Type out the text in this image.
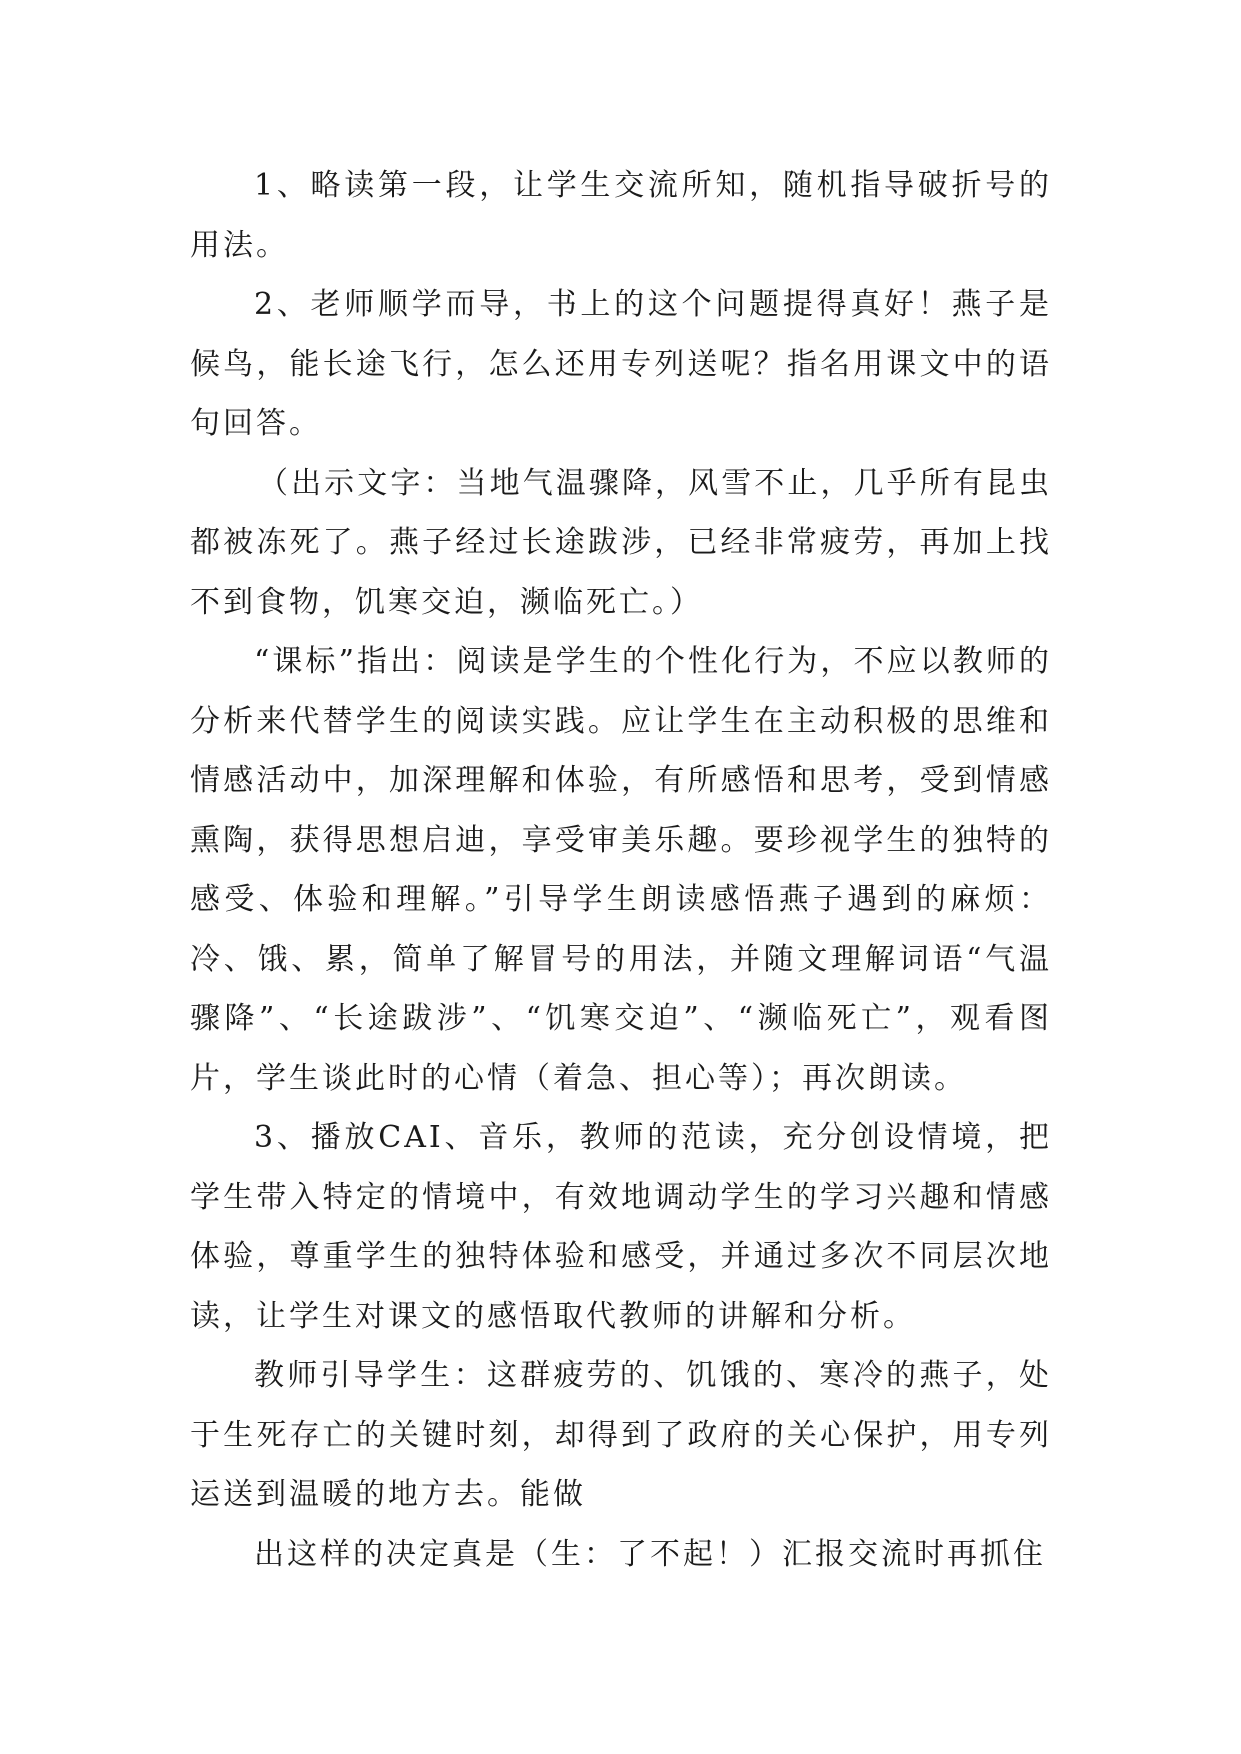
1、略读第一段，让学生交流所知，随机指导破折号的用法。

2、老师顺学而导，书上的这个问题提得真好！燕子是候鸟，能长途飞行，怎么还用专列送呢？指名用课文中的语句回答。

（出示文字：当地气温骤降，风雪不止，几乎所有昆虫都被冻死了。燕子经过长途跋涉，已经非常疲劳，再加上找不到食物，饥寒交迫，濒临死亡。）

“课标”指出：阅读是学生的个性化行为，不应以教师的分析来代替学生的阅读实践。应让学生在主动积极的思维和情感活动中，加深理解和体验，有所感悟和思考，受到情感熏陶，获得思想启迪，享受审美乐趣。要珍视学生的独特的感受、体验和理解。”引导学生朗读感悟燕子遇到的麻烦：冷、饿、累，简单了解冒号的用法，并随文理解词语“气温骤降”、“长途跋涉”、“饥寒交迫”、“濒临死亡”，观看图片，学生谈此时的心情（着急、担心等）；再次朗读。

3、播放CAI、音乐，教师的范读，充分创设情境，把学生带入特定的情境中，有效地调动学生的学习兴趣和情感体验，尊重学生的独特体验和感受，并通过多次不同层次地读，让学生对课文的感悟取代教师的讲解和分析。

教师引导学生：这群疲劳的、饥饿的、寒冷的燕子，处于生死存亡的关键时刻，却得到了政府的关心保护，用专列运送到温暖的地方去。能做

出这样的决定真是（生：了不起！）汇报交流时再抓住
